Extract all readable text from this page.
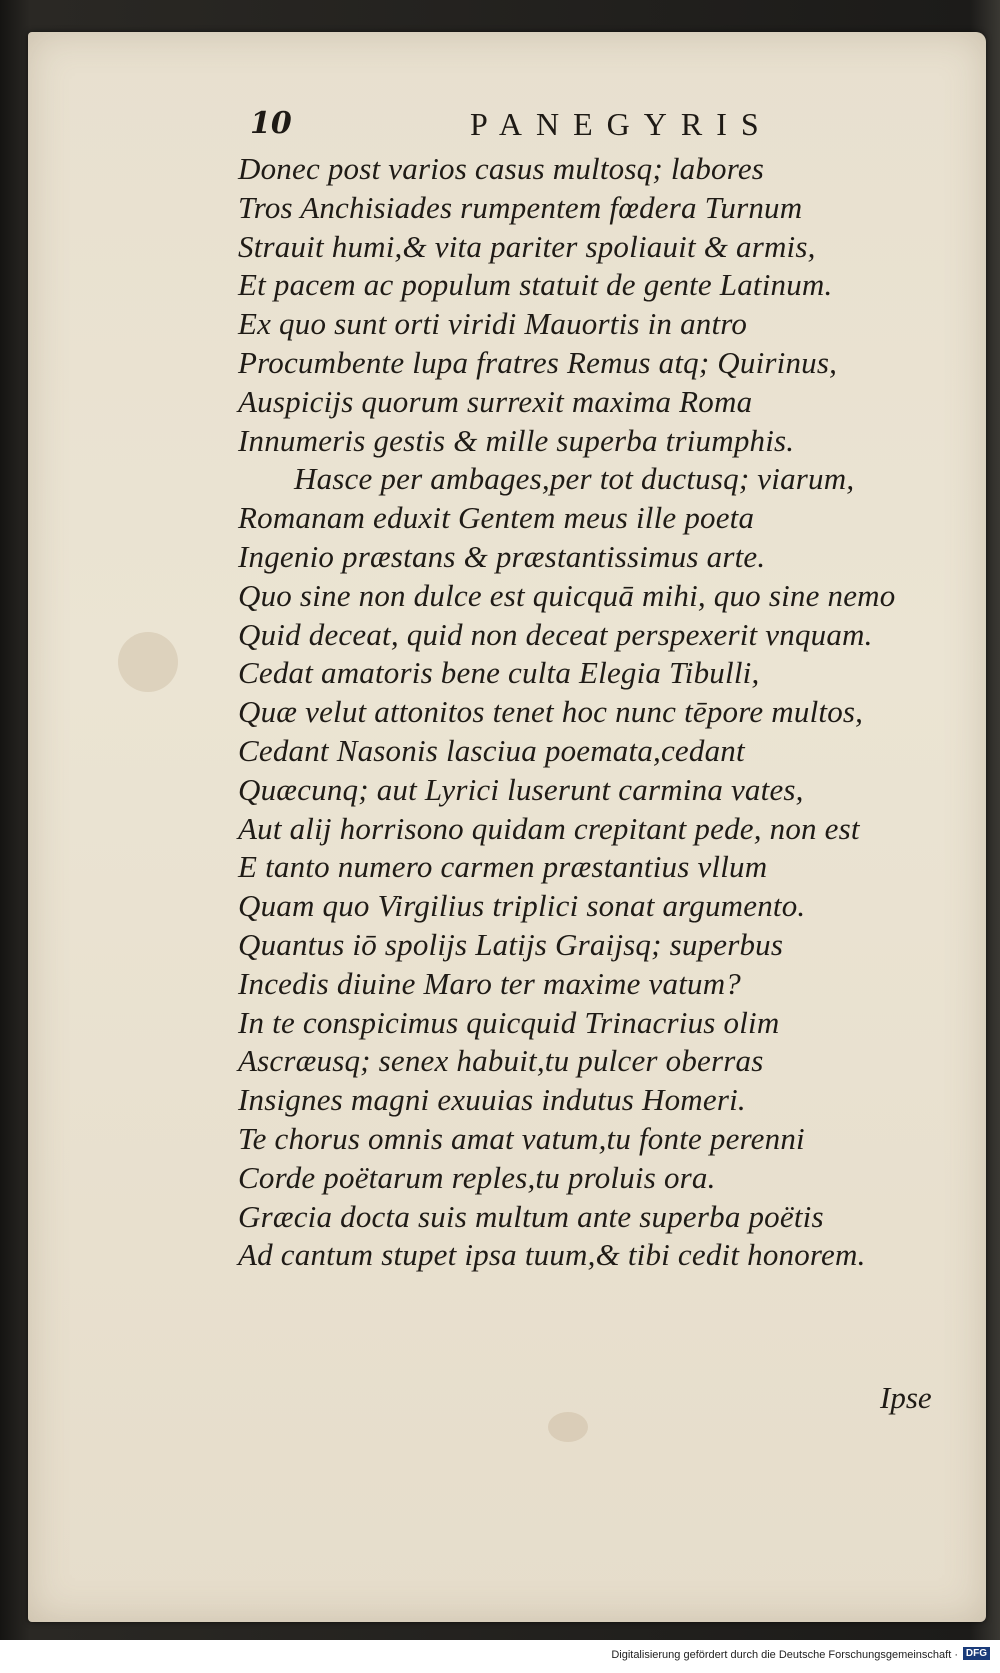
10	PANEGYRIS
Donec post varios casus multosq; labores
Tros Anchisiades rumpentem fœdera Turnum
Strauit humi,& vita pariter spoliauit & armis,
Et pacem ac populum statuit de gente Latinum.
Ex quo sunt orti viridi Mauortis in antro
Procumbente lupa fratres Remus atq; Quirinus,
Auspicijs quorum surrexit maxima Roma
Innumeris gestis & mille superba triumphis.
Hasce per ambages,per tot ductusq; viarum,
Romanam eduxit Gentem meus ille poeta
Ingenio præstans & præstantissimus arte.
Quo sine non dulce est quicquā mihi, quo sine nemo
Quid deceat, quid non deceat perspexerit vnquam.
Cedat amatoris bene culta Elegia Tibulli,
Quæ velut attonitos tenet hoc nunc tēpore multos,
Cedant Nasonis lasciua poemata,cedant
Quæcunq; aut Lyrici luserunt carmina vates,
Aut alij horrisono quidam crepitant pede, non est
E tanto numero carmen præstantius vllum
Quam quo Virgilius triplici sonat argumento.
Quantus iō spolijs Latijs Graijsq; superbus
Incedis diuine Maro ter maxime vatum?
In te conspicimus quicquid Trinacrius olim
Ascræusq; senex habuit,tu pulcer oberras
Insignes magni exuuias indutus Homeri.
Te chorus omnis amat vatum,tu fonte perenni
Corde poëtarum reples,tu proluis ora.
Græcia docta suis multum ante superba poëtis
Ad cantum stupet ipsa tuum,& tibi cedit honorem.
Ipse
Digitalisierung gefördert durch die Deutsche Forschungsgemeinschaft · DFG
